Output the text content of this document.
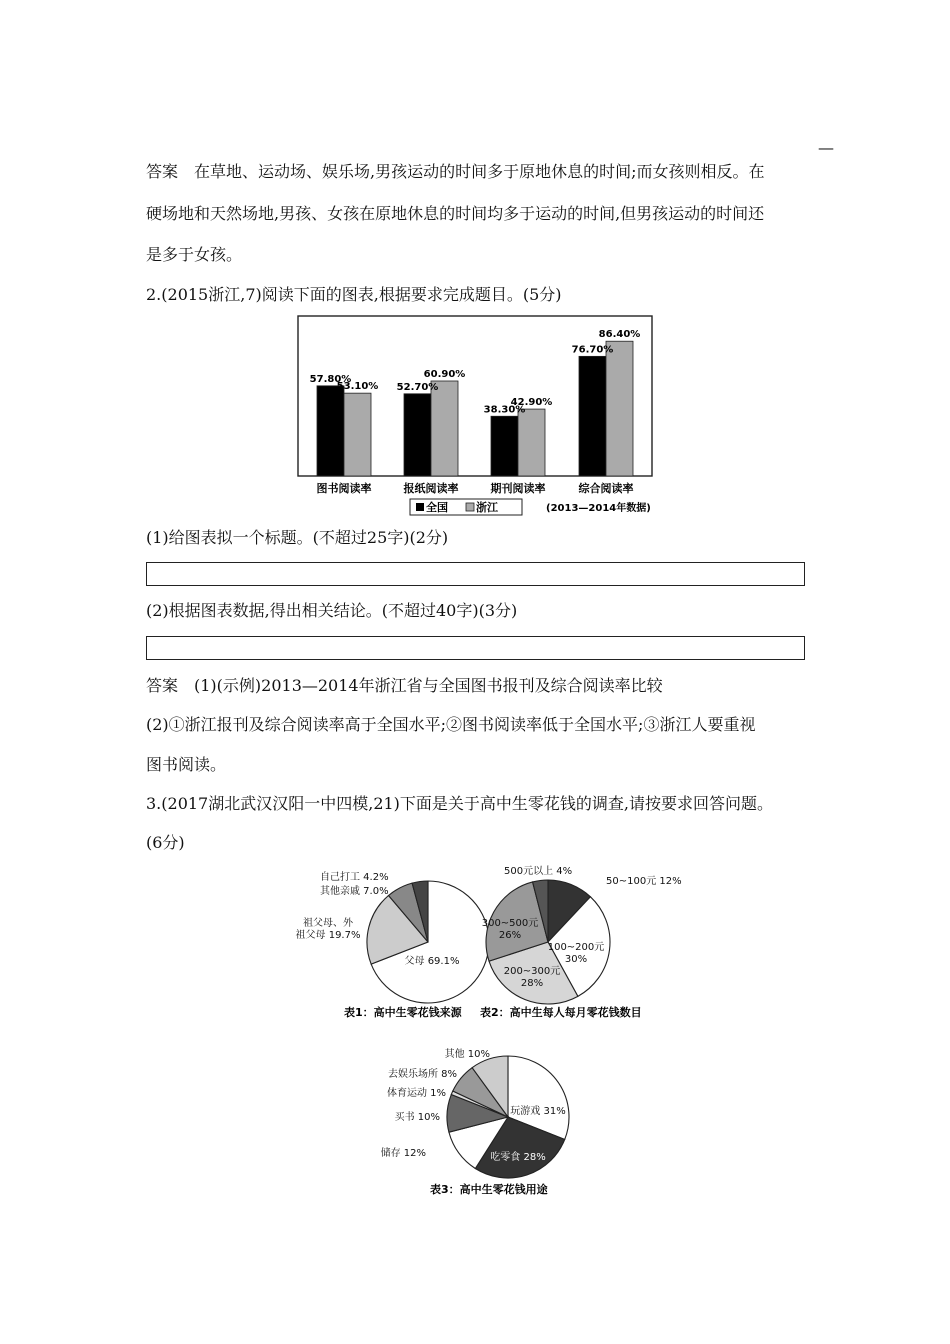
—
答案　在草地、运动场、娱乐场,男孩运动的时间多于原地休息的时间;而女孩则相反。在
硬场地和天然场地,男孩、女孩在原地休息的时间均多于运动的时间,但男孩运动的时间还
是多于女孩。
2.(2015浙江,7)阅读下面的图表,根据要求完成题目。(5分)
57.80%
53.10% 52.70%
60.90%
38.30%
42.90%
76.70%
86.40%
图书阅读率	报纸阅读率	期刊阅读率	综合阅读率
全国	浙江	(2013—2014年数据)
(1)给图表拟一个标题。(不超过25字)(2分)
(2)根据图表数据,得出相关结论。(不超过40字)(3分)
答案　(1)(示例)2013—2014年浙江省与全国图书报刊及综合阅读率比较
(2)①浙江报刊及综合阅读率高于全国水平;②图书阅读率低于全国水平;③浙江人要重视
图书阅读。
3.(2017湖北武汉汉阳一中四模,21)下面是关于高中生零花钱的调查,请按要求回答问题。
(6分)
父母 69.1%
祖父母、外祖父母 19.7%
其他亲戚 7.0%
自己打工 4.2%	50~100元 12%
100~200元 30%
200~300元 28%
300~500元 26%
500元以上 4%
表1：高中生零花钱来源 表2：高中生每人每月零花钱数目
玩游戏 31%
吃零食 28%
储存 12%
买书 10%
体育运动 1%
去娱乐场所 8%
其他 10%
表3：高中生零花钱用途
